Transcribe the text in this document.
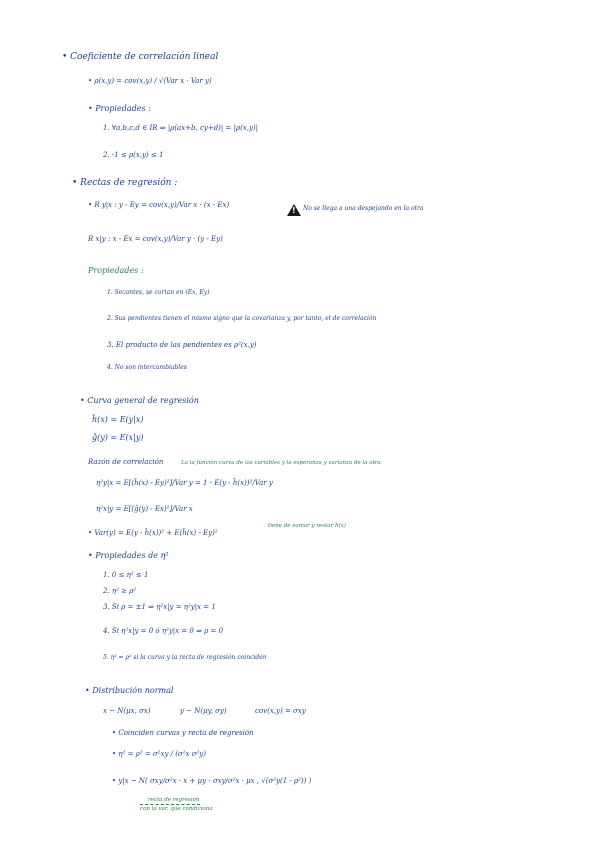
• Coeficiente de correlación lineal
• ρ(x,y) = cov(x,y) / √(Var x · Var y)
• Propiedades :
1. ∀a,b,c,d ∈ IR ⇒ |ρ(ax+b, cy+d)| = |ρ(x,y)|
2. -1 ≤ ρ(x,y) ≤ 1
• Rectas de regresión :
• R y|x : y - Ey = cov(x,y)/Var x · (x - Ex)
!	No se llega a una despejando en la otra
R x|y : x - Ex = cov(x,y)/Var y · (y - Ey)
Propiedades :
1. Secantes, se cortan en (Ex, Ey)
2. Sus pendientes tienen el mismo signo que la covarianza y, por tanto, el de correlación
3. El producto de las pendientes es ρ²(x,y)
4. No son intercambiables
• Curva general de regresión
ĥ(x) = E(y|x)
ĝ(y) = E(x|y)
Razón de correlación	La la función curva de las variables y la esperanza y varianza de la otra
η²y|x = E[(ĥ(x) - Ey)²]/Var y = 1 - E(y - ĥ(x))²/Var y
η²x|y = E[(ĝ(y) - Ex)²]/Var x
• Var(y) = E(y - ĥ(x))² + E(ĥ(x) - Ey)²
tiene de sumar y restar ĥ(x)
• Propiedades de η²
1. 0 ≤ η² ≤ 1
2. η² ≥ ρ²
3. Si ρ = ±1 ⇒ η²x|y = η²y|x = 1
4. Si η²x|y = 0 ó η²y|x = 0 ⇒ ρ = 0
5. η² = ρ² si la curva y la recta de regresión coinciden
• Distribución normal
x ~ N(μx, σx)	y ~ N(μy, σy)	cov(x,y) = σxy
• Coinciden curvas y recta de regresión
• η² = ρ² = σ²xy / (σ²x σ²y)
• y|x ~ N( σxy/σ²x · x + μy - σxy/σ²x · μx , √(σ²y(1 - ρ²)) )
recta de regresión
con la var. que condiciona
